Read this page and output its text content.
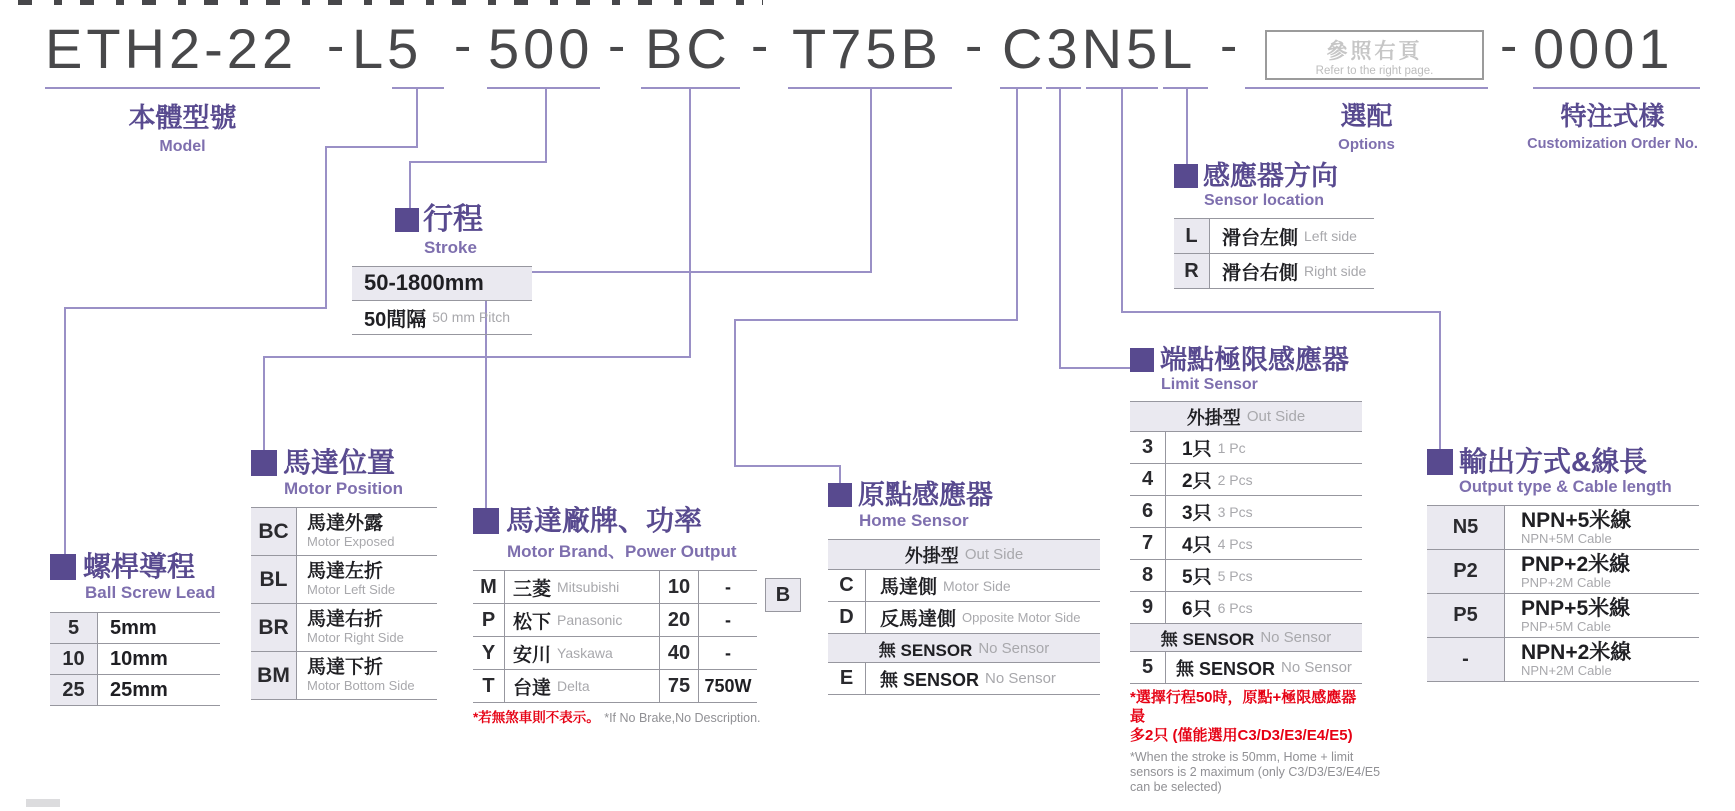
ETH2-22 - L5 - 500 - BC - T75B - C3N5L -	參照右頁
Refer to the right page.	- 0001
本體型號
Model
選配
Options
特注式樣
Customization Order No.
行程
Stroke
50-1800mm
50間隔 50 mm Pitch
螺桿導程
Ball Screw Lead
5	5mm
10	10mm
25	25mm
馬達位置
Motor Position
BC 馬達外露
Motor Exposed
BL	馬達左折
Motor Left Side
BR 馬達右折
Motor Right Side
BM 馬達下折
Motor Bottom Side
馬達廠牌、功率
Motor Brand、Power Output
M 三菱 Mitsubishi	10	-
P 松下 Panasonic	20	-
Y 安川 Yaskawa	40	-
T 台達 Delta	75 750W
B
*若無煞車則不表示。 *If No Brake,No Description.
原點感應器
Home Sensor
外掛型 Out Side
C	馬達側 Motor Side
D	反馬達側 Opposite Motor Side
無 SENSOR No Sensor
E	無 SENSOR No Sensor
端點極限感應器
Limit Sensor
外掛型 Out Side
3	1只 1 Pc
4	2只 2 Pcs
6	3只 3 Pcs
7	4只 4 Pcs
8	5只 5 Pcs
9	6只 6 Pcs
無 SENSOR No Sensor
5	無 SENSOR No Sensor
*選擇行程50時，原點+極限感應器最
多2只 (僅能選用C3/D3/E3/E4/E5)
*When the stroke is 50mm, Home + limit sensors is 2 maximum (only C3/D3/E3/E4/E5 can be selected)
感應器方向
Sensor location
L	滑台左側 Left side
R	滑台右側 Right side
輸出方式&線長
Output type & Cable length
N5	NPN+5米線
NPN+5M Cable
P2	PNP+2米線
PNP+2M Cable
P5	PNP+5米線
PNP+5M Cable
-	NPN+2米線
NPN+2M Cable
